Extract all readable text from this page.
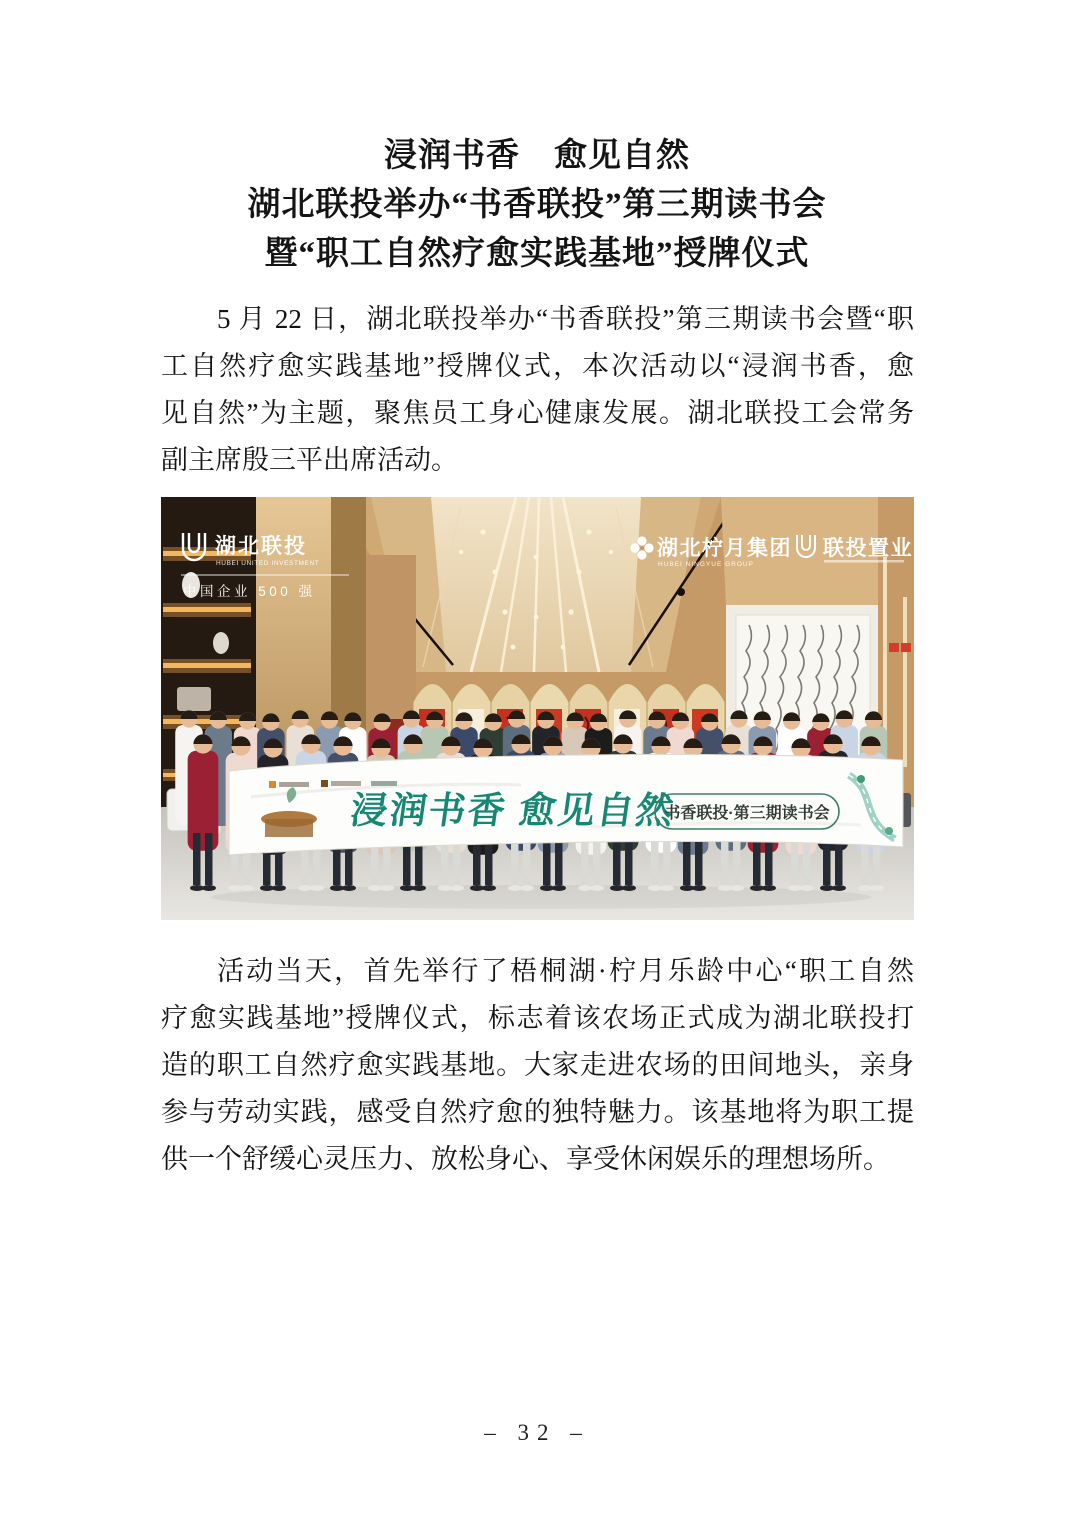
浸润书香　愈见自然
湖北联投举办“书香联投”第三期读书会
暨“职工自然疗愈实践基地”授牌仪式
5 月 22 日，湖北联投举办“书香联投”第三期读书会暨“职
工自然疗愈实践基地”授牌仪式，本次活动以“浸润书香，愈
见自然”为主题，聚焦员工身心健康发展。湖北联投工会常务
副主席殷三平出席活动。
浸润书香 愈见自然
书香联投·第三期读书会
湖北联投
HUBEI UNITED INVESTMENT
中国企业 500 强
湖北柠月集团
HUBEI NINGYUE GROUP
联投置业
活动当天，首先举行了梧桐湖·柠月乐龄中心“职工自然
疗愈实践基地”授牌仪式，标志着该农场正式成为湖北联投打
造的职工自然疗愈实践基地。大家走进农场的田间地头，亲身
参与劳动实践，感受自然疗愈的独特魅力。该基地将为职工提
供一个舒缓心灵压力、放松身心、享受休闲娱乐的理想场所。
– 32 –
